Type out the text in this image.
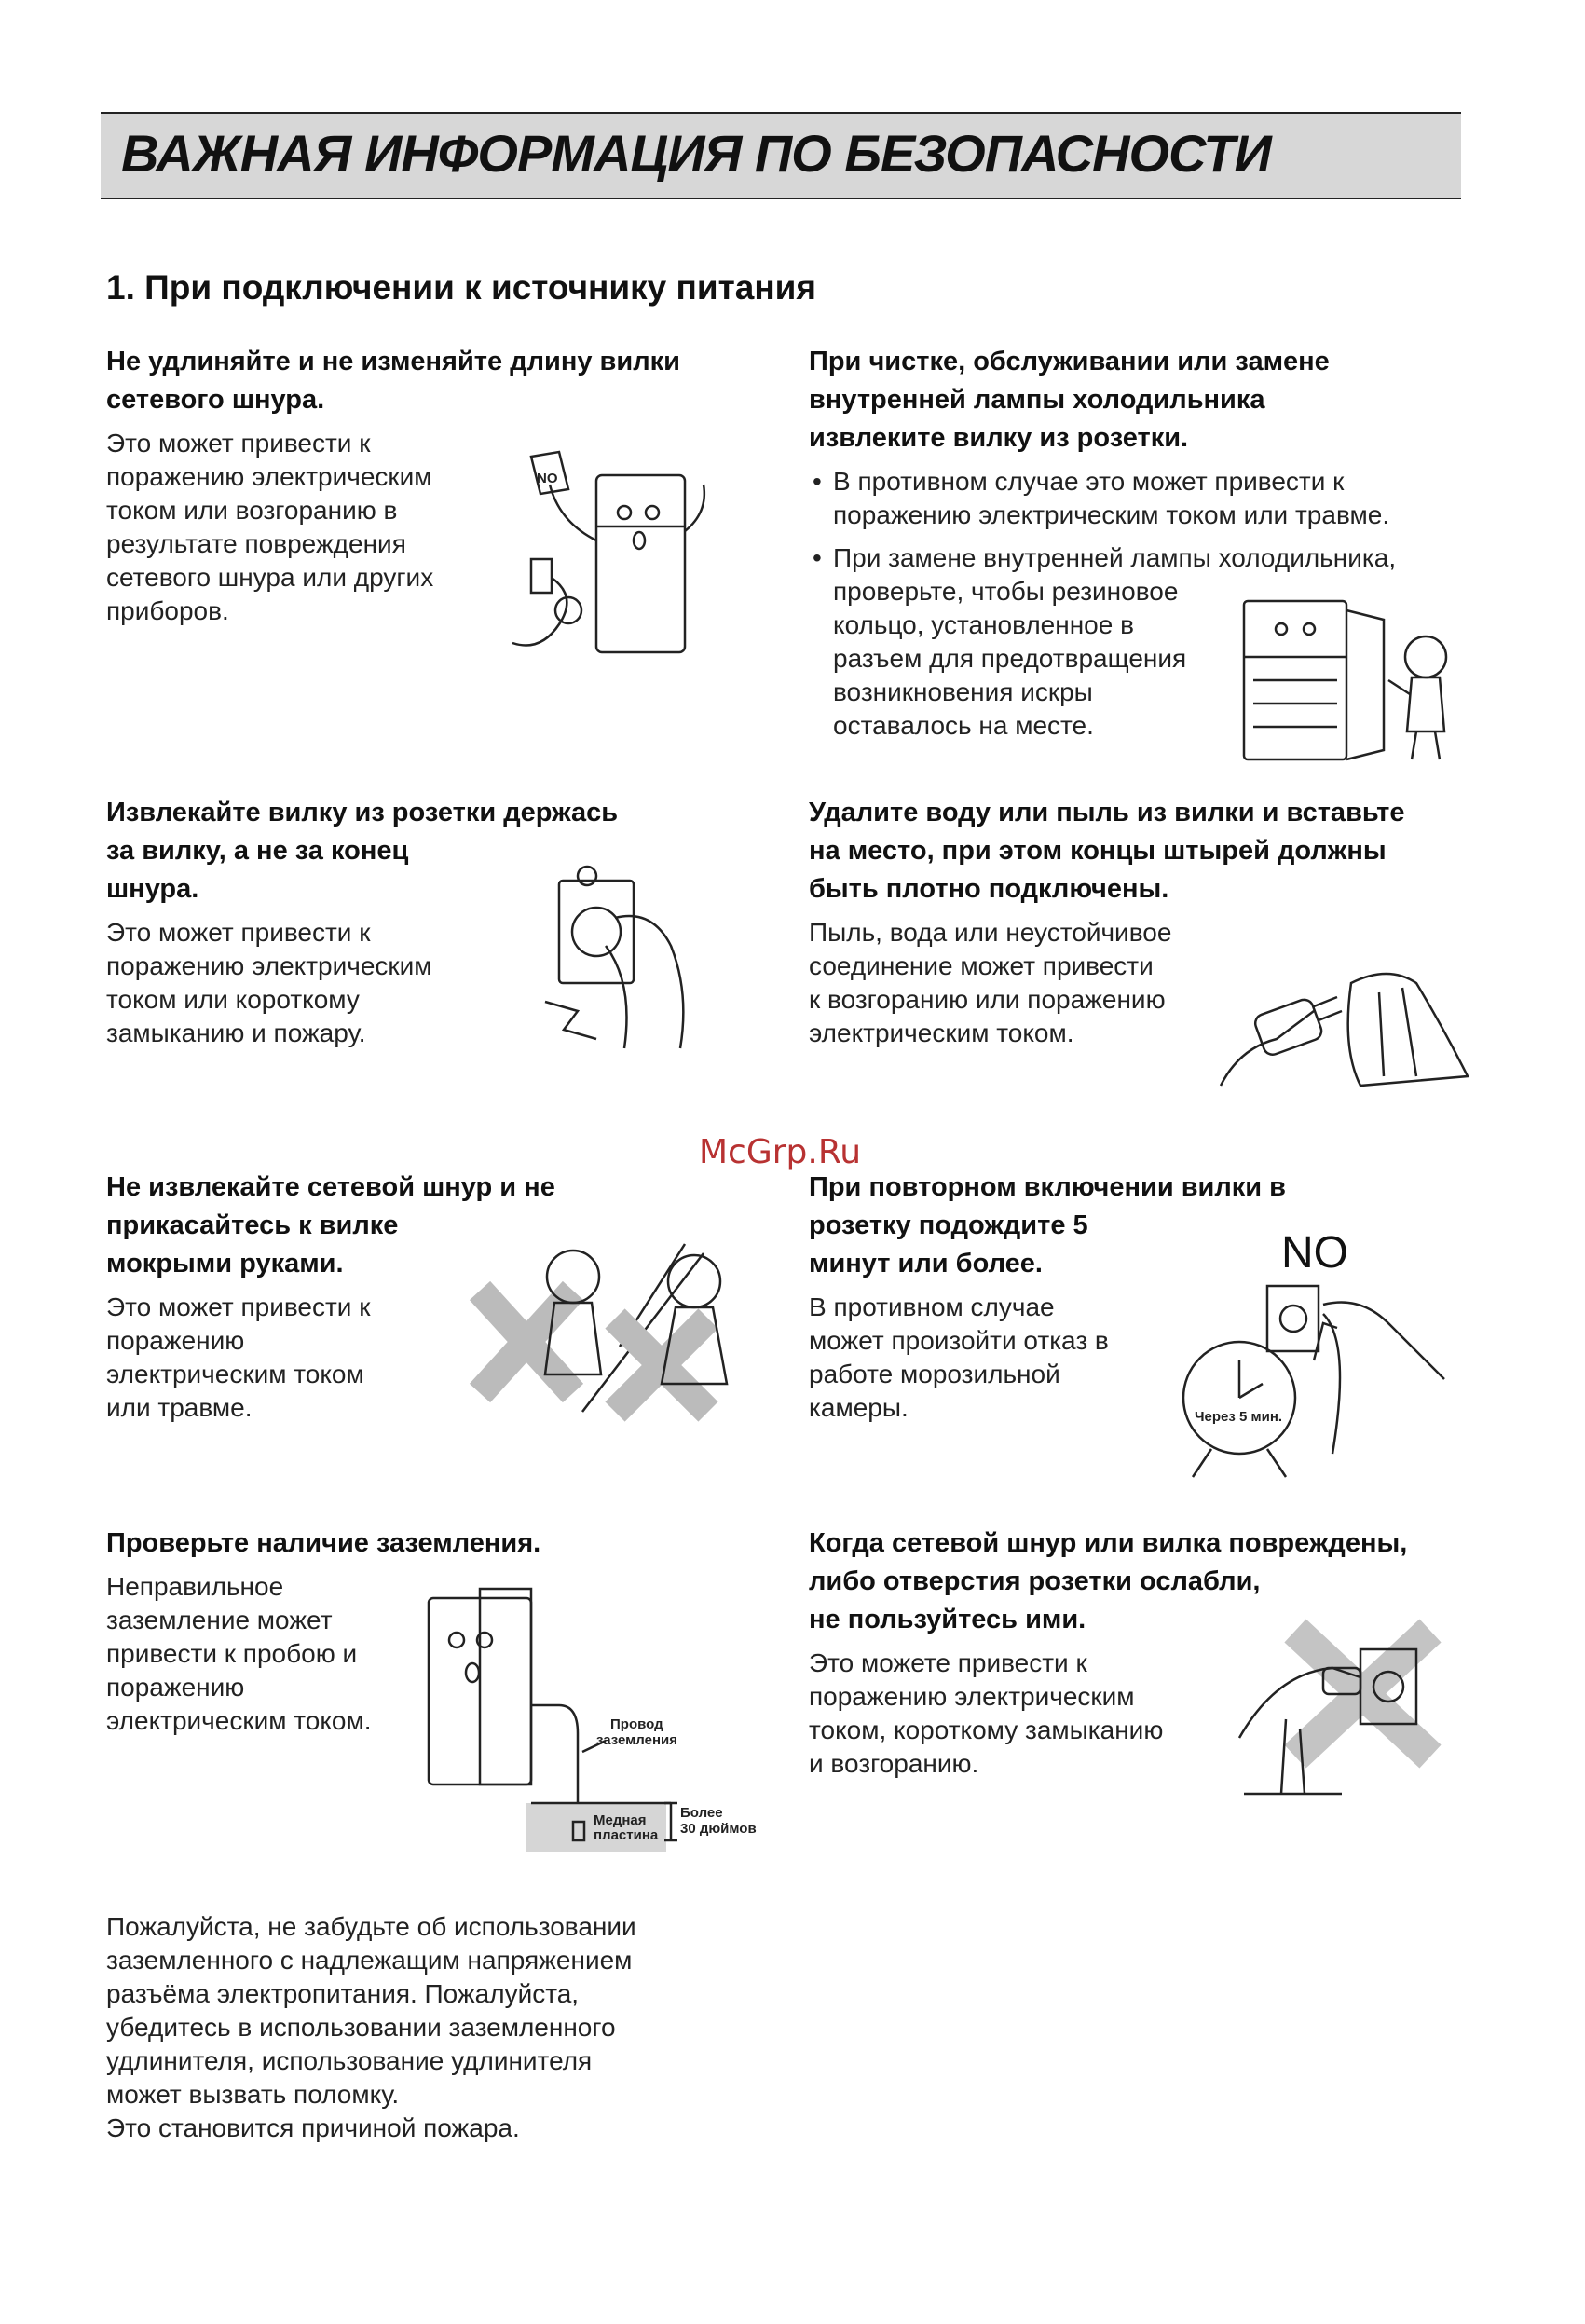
ВАЖНАЯ ИНФОРМАЦИЯ ПО БЕЗОПАСНОСТИ
1. При подключении к источнику питания
Не удлиняйте и не изменяйте длину вилки
сетевого шнура.
Это может привести к
поражению электрическим
током или возгоранию в
результате повреждения
сетевого шнура или других
приборов.
NO
При чистке, обслуживании или замене
внутренней лампы холодильника
извлеките вилку из розетки.
• В противном случае это может привести к
поражению электрическим током или травме.
• При замене внутренней лампы холодильника,
проверьте, чтобы резиновое
кольцо, установленное в
разъем для предотвращения
возникновения искры
оставалось на месте.
Извлекайте вилку из розетки держась
за вилку, а не за конец
шнура.
Это может привести к
поражению электрическим
током или короткому
замыканию и пожару.
Удалите воду или пыль из вилки и вставьте
на место, при этом концы штырей должны
быть плотно подключены.
Пыль, вода или неустойчивое
соединение может привести
к возгоранию или поражению
электрическим током.
McGrp.Ru
Не извлекайте сетевой шнур и не
прикасайтесь к вилке
мокрыми руками.
Это может привести к
поражению
электрическим током
или травме.
При повторном включении вилки в
розетку подождите 5
минут или более.
В противном случае
может произойти отказ в
работе морозильной
камеры.
NO
Через 5 мин.
Проверьте наличие заземления.
Неправильное
заземление может
привести к пробою и
поражению
электрическим током.	Провод заземления
Медная пластина
Более 30 дюймов
Когда сетевой шнур или вилка повреждены,
либо отверстия розетки ослабли,
не пользуйтесь ими.
Это можете привести к
поражению электрическим
током, короткому замыканию
и возгоранию.
Пожалуйста, не забудьте об использовании
заземленного с надлежащим напряжением
разъёма электропитания. Пожалуйста,
убедитесь в использовании заземленного
удлинителя, использование удлинителя
может вызвать поломку.
Это становится причиной пожара.
